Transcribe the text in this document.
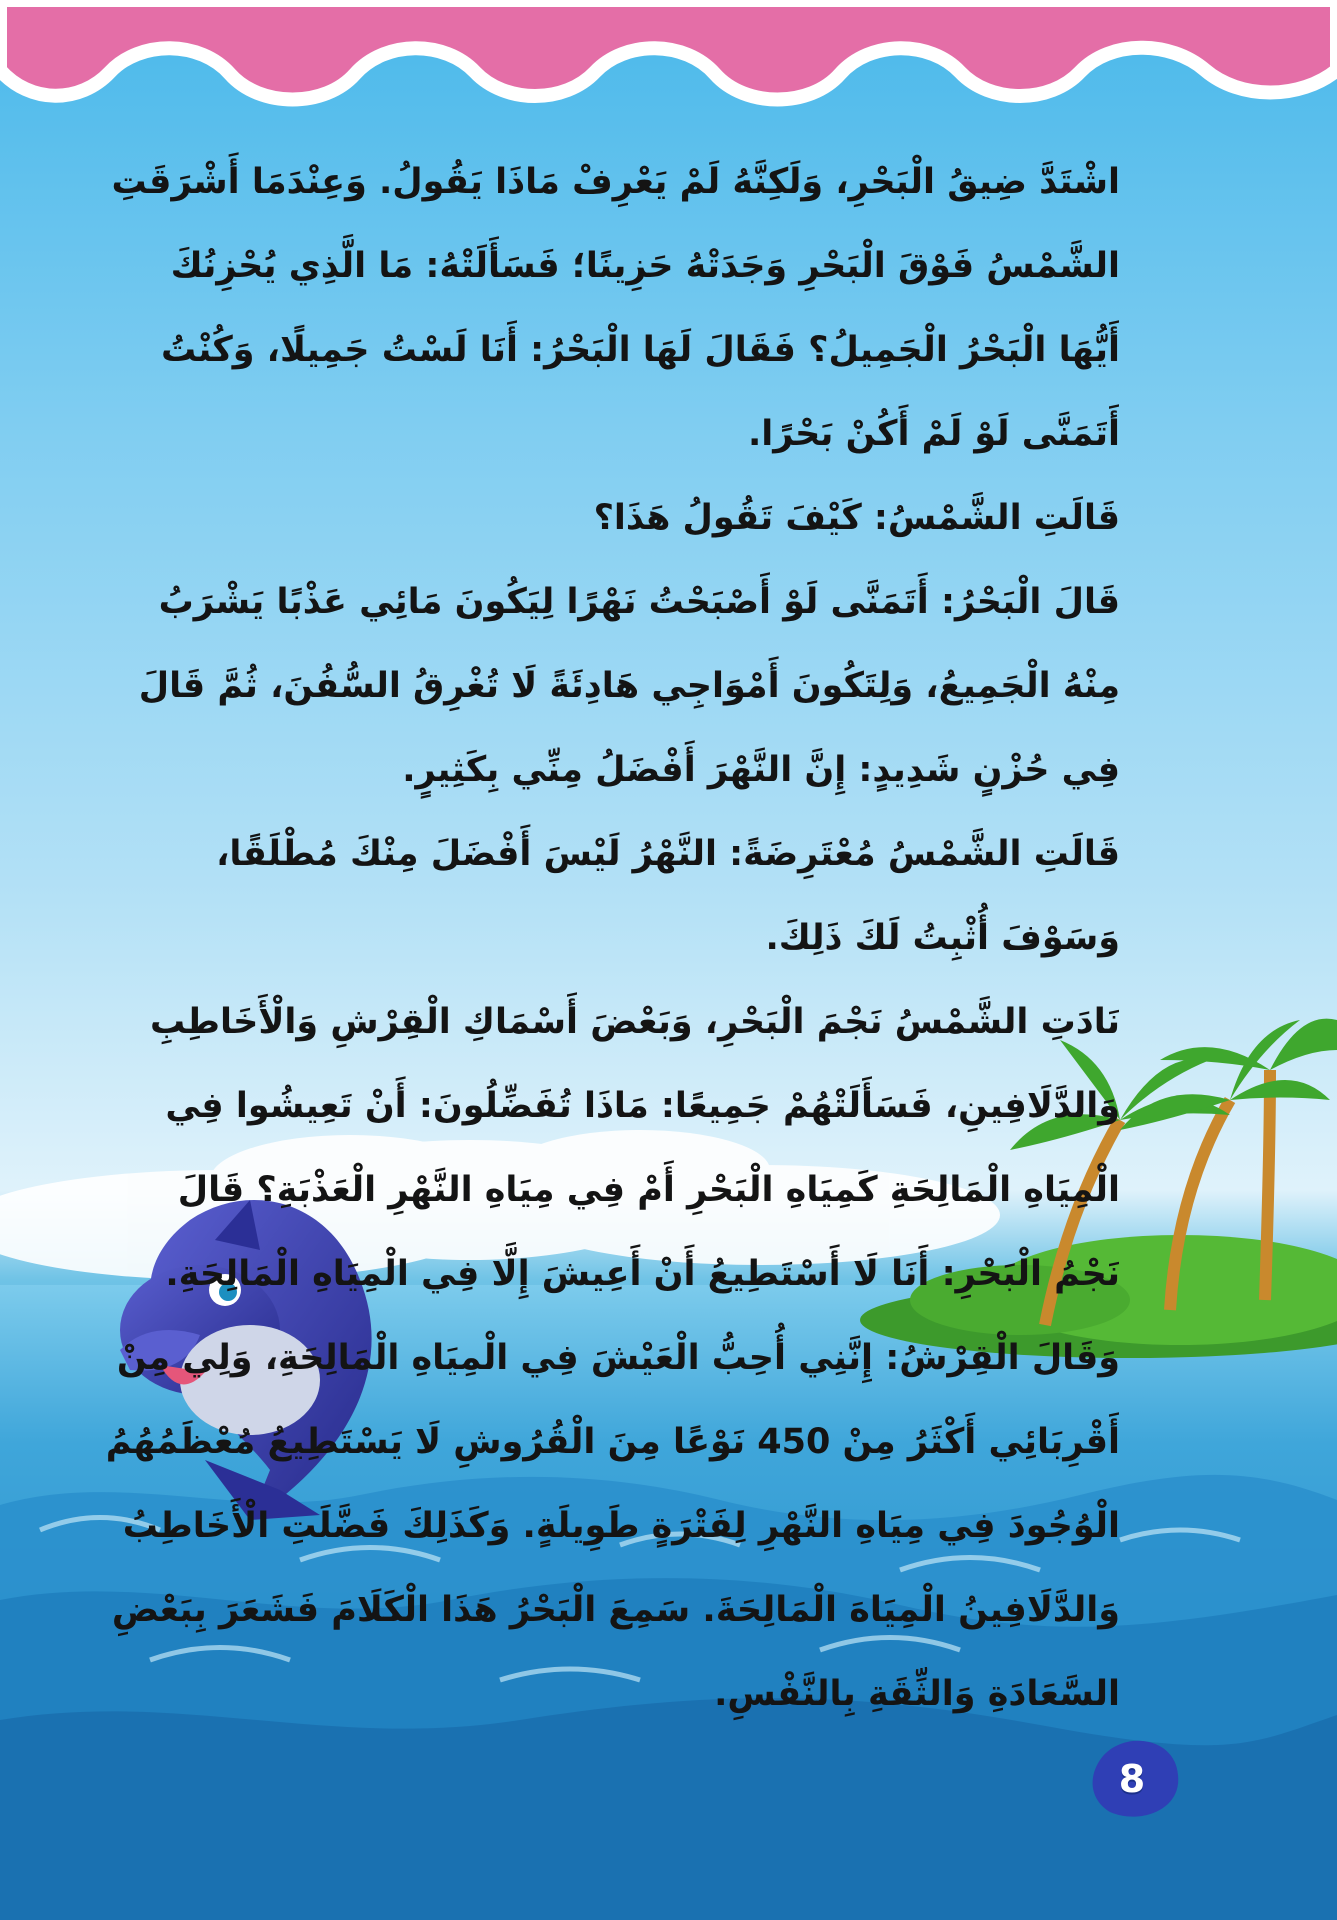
اشْتَدَّ ضِيقُ الْبَحْرِ، وَلَكِنَّهُ لَمْ يَعْرِفْ مَاذَا يَقُولُ. وَعِنْدَمَا أَشْرَقَتِ الشَّمْسُ فَوْقَ الْبَحْرِ وَجَدَتْهُ حَزِينًا؛ فَسَأَلَتْهُ: مَا الَّذِي يُحْزِنُكَ أَيُّهَا الْبَحْرُ الْجَمِيلُ؟ فَقَالَ لَهَا الْبَحْرُ: أَنَا لَسْتُ جَمِيلًا، وَكُنْتُ أَتَمَنَّى لَوْ لَمْ أَكُنْ بَحْرًا.

قَالَتِ الشَّمْسُ: كَيْفَ تَقُولُ هَذَا؟

قَالَ الْبَحْرُ: أَتَمَنَّى لَوْ أَصْبَحْتُ نَهْرًا لِيَكُونَ مَائِي عَذْبًا يَشْرَبُ مِنْهُ الْجَمِيعُ، وَلِتَكُونَ أَمْوَاجِي هَادِئَةً لَا تُغْرِقُ السُّفُنَ، ثُمَّ قَالَ فِي حُزْنٍ شَدِيدٍ: إِنَّ النَّهْرَ أَفْضَلُ مِنِّي بِكَثِيرٍ.

قَالَتِ الشَّمْسُ مُعْتَرِضَةً: النَّهْرُ لَيْسَ أَفْضَلَ مِنْكَ مُطْلَقًا، وَسَوْفَ أُثْبِتُ لَكَ ذَلِكَ.

نَادَتِ الشَّمْسُ نَجْمَ الْبَحْرِ، وَبَعْضَ أَسْمَاكِ الْقِرْشِ وَالْأَخَاطِبِ وَالدَّلَافِينِ، فَسَأَلَتْهُمْ جَمِيعًا: مَاذَا تُفَضِّلُونَ: أَنْ تَعِيشُوا فِي الْمِيَاهِ الْمَالِحَةِ كَمِيَاهِ الْبَحْرِ أَمْ فِي مِيَاهِ النَّهْرِ الْعَذْبَةِ؟ قَالَ نَجْمُ الْبَحْرِ: أَنَا لَا أَسْتَطِيعُ أَنْ أَعِيشَ إِلَّا فِي الْمِيَاهِ الْمَالِحَةِ. وَقَالَ الْقِرْشُ: إِنَّنِي أُحِبُّ الْعَيْشَ فِي الْمِيَاهِ الْمَالِحَةِ، وَلِي مِنْ أَقْرِبَائِي أَكْثَرُ مِنْ 450 نَوْعًا مِنَ الْقُرُوشِ لَا يَسْتَطِيعُ مُعْظَمُهُمُ الْوُجُودَ فِي مِيَاهِ النَّهْرِ لِفَتْرَةٍ طَوِيلَةٍ. وَكَذَلِكَ فَضَّلَتِ الْأَخَاطِبُ وَالدَّلَافِينُ الْمِيَاهَ الْمَالِحَةَ. سَمِعَ الْبَحْرُ هَذَا الْكَلَامَ فَشَعَرَ بِبَعْضِ السَّعَادَةِ وَالثِّقَةِ بِالنَّفْسِ.

8
